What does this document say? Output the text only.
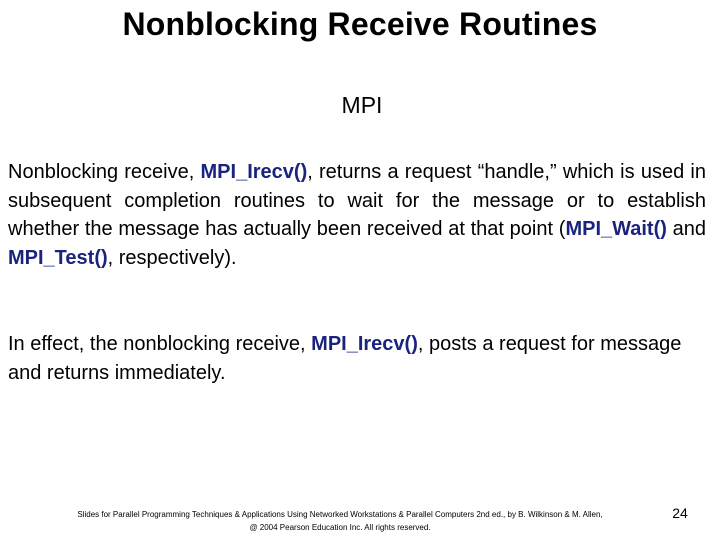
Nonblocking Receive Routines
MPI
Nonblocking receive, MPI_Irecv(), returns a request “handle,” which is used in subsequent completion routines to wait for the message or to establish whether the message has actually been received at that point (MPI_Wait() and MPI_Test(), respectively).
In effect, the nonblocking receive, MPI_Irecv(), posts a request for message and returns immediately.
Slides for Parallel Programming Techniques & Applications Using Networked Workstations & Parallel Computers 2nd ed., by B. Wilkinson & M. Allen,
@ 2004 Pearson Education Inc. All rights reserved.
24
